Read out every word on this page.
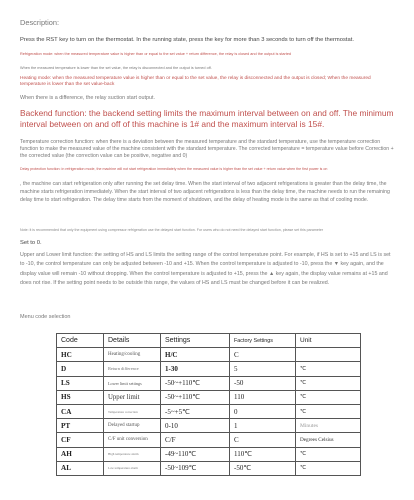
Description:
Press the RST key to turn on the thermostat. In the running state, press the key for more than 3 seconds to turn off the thermostat.
Refrigeration mode: when the measured temperature value is higher than or equal to the set value + return difference, the relay is closed and the output is started
When the measured temperature is lower than the set value, the relay is disconnected and the output is turned off.
Heating mode: when the measured temperature value is higher than or equal to the set value, the relay is disconnected and the output is closed; When the measured temperature is lower than the set value-back
When there is a difference, the relay suction start output.
Backend function: the backend setting limits the maximum interval between on and off. The minimum interval between on and off of this machine is 1# and the maximum interval is 15#.
Temperature correction function: when there is a deviation between the measured temperature and the standard temperature, use the temperature correction function to make the measured value of the machine consistent with the standard temperature. The corrected temperature = temperature value before Correction + the corrected value (the correction value can be positive, negative and 0)
Delay protection function: in refrigeration mode, the machine will not start refrigeration immediately when the measured value is higher than the set value + return value when the first power is on
, the machine can start refrigeration only after running the set delay time. When the start interval of two adjacent refrigerations is greater than the delay time, the machine starts refrigeration immediately. When the start interval of two adjacent refrigerations is less than the delay time, the machine needs to run the remaining delay time to start refrigeration. The delay time starts from the moment of shutdown, and the delay of heating mode is the same as that of cooling mode.
Note: it is recommended that only the equipment using compressor refrigeration use the delayed start function. For users who do not need the delayed start function, please set this parameter
Set to 0.
Upper and Lower limit function: the setting of HS and LS limits the setting range of the control temperature point. For example, if HS is set to +15 and LS is set to -10, the control temperature can only be adjusted between -10 and +15. When the control temperature is adjusted to -10, press the ▼ key again, and the display value will remain -10 without dropping. When the control temperature is adjusted to +15, press the ▲ key again, the display value remains at +15 and does not rise. If the setting point needs to be outside this range, the values of HS and LS must be changed before it can be realized.
Menu code selection
Code	Details	Settings	Factory Settings	Unit
HC	Heating/cooling	H/C	C	
D	Return difference	1-30	5	℃
LS	Lower limit settings	-50~+110℃	-50	℃
HS	Upper limit	-50~+110℃	110	℃
CA	Temperature correction	-5~+5℃	0	℃
PT	Delayed startup	0-10	1	Minutes
CF	C/F unit conversion	C/F	C	Degrees Celsius
AH	High temperature alarm	-49~110℃	110℃	℃
AL	Low temperature alarm	-50~109℃	-50℃	℃
